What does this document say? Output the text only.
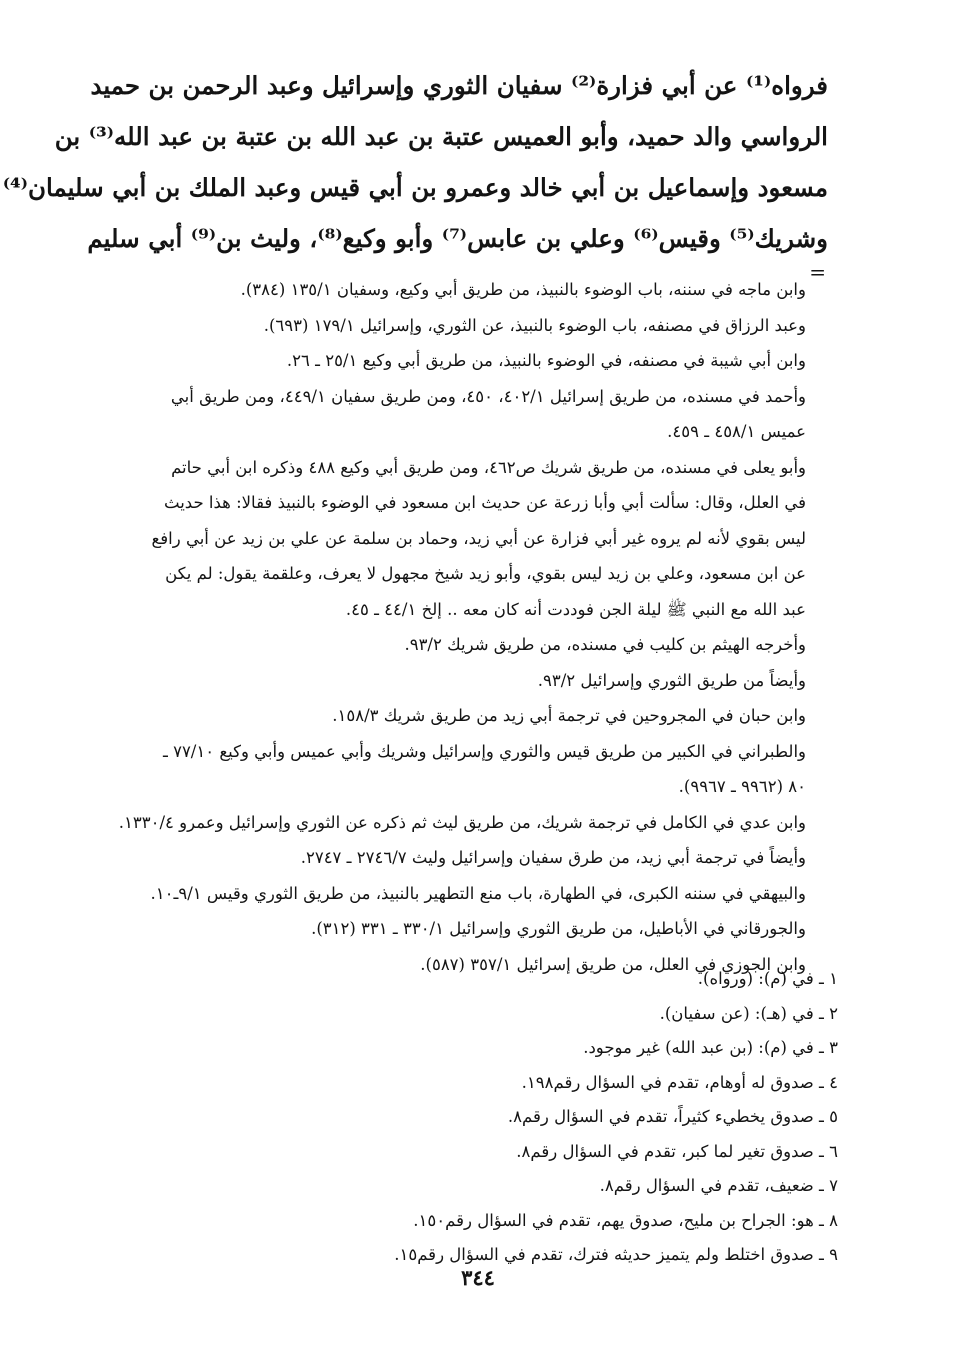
فرواه⁽¹⁾ عن أبي فزارة⁽²⁾ سفيان الثوري وإسرائيل وعبد الرحمن بن حميد
الرواسي والد حميد، وأبو العميس عتبة بن عبد الله بن عتبة بن عبد الله⁽³⁾ بن
مسعود وإسماعيل بن أبي خالد وعمرو بن أبي قيس وعبد الملك بن أبي سليمان⁽⁴⁾
وشريك⁽⁵⁾ وقيس⁽⁶⁾ وعلي بن عابس⁽⁷⁾ وأبو وكيع⁽⁸⁾، وليث بن⁽⁹⁾ أبي سليم
=
وابن ماجه في سننه، باب الوضوء بالنبيذ، من طريق أبي وكيع، وسفيان ١٣٥/١ (٣٨٤).
وعبد الرزاق في مصنفه، باب الوضوء بالنبيذ، عن الثوري، وإسرائيل ١٧٩/١ (٦٩٣).
وابن أبي شيبة في مصنفه، في الوضوء بالنبيذ، من طريق أبي وكيع ٢٥/١ ـ ٢٦.
وأحمد في مسنده، من طريق إسرائيل ٤٠٢/١، ٤٥٠، ومن طريق سفيان ٤٤٩/١، ومن طريق أبي
عميس ٤٥٨/١ ـ ٤٥٩.
وأبو يعلى في مسنده، من طريق شريك ص٤٦٢، ومن طريق أبي وكيع ٤٨٨ وذكره ابن أبي حاتم
في العلل، وقال: سألت أبي وأبا زرعة عن حديث ابن مسعود في الوضوء بالنبيذ فقالا: هذا حديث
ليس بقوي لأنه لم يروه غير أبي فزارة عن أبي زيد، وحماد بن سلمة عن علي بن زيد عن أبي رافع
عن ابن مسعود، وعلي بن زيد ليس بقوي، وأبو زيد شيخ مجهول لا يعرف، وعلقمة يقول: لم يكن
عبد الله مع النبي ﷺ ليلة الجن فوددت أنه كان معه .. إلخ ٤٤/١ ـ ٤٥.
وأخرجه الهيثم بن كليب في مسنده، من طريق شريك ٩٣/٢.
وأيضاً من طريق الثوري وإسرائيل ٩٣/٢.
وابن حبان في المجروحين في ترجمة أبي زيد من طريق شريك ١٥٨/٣.
والطبراني في الكبير من طريق قيس والثوري وإسرائيل وشريك وأبي عميس وأبي وكيع ٧٧/١٠ ـ
٨٠ (٩٩٦٢ ـ ٩٩٦٧).
وابن عدي في الكامل في ترجمة شريك، من طريق ليث ثم ذكره عن الثوري وإسرائيل وعمرو ١٣٣٠/٤.
وأيضاً في ترجمة أبي زيد، من طرق سفيان وإسرائيل وليث ٢٧٤٦/٧ ـ ٢٧٤٧.
والبيهقي في سننه الكبرى، في الطهارة، باب منع التطهير بالنبيذ، من طريق الثوري وقيس ٩/١ـ١٠.
والجورقاني في الأباطيل، من طريق الثوري وإسرائيل ٣٣٠/١ ـ ٣٣١ (٣١٢).
وابن الجوزي في العلل، من طريق إسرائيل ٣٥٧/١ (٥٨٧).
١ ـ في (م): (ورواه).
٢ ـ في (هـ): (عن سفيان).
٣ ـ في (م): (بن عبد الله) غير موجود.
٤ ـ صدوق له أوهام، تقدم في السؤال رقم١٩٨.
٥ ـ صدوق يخطيء كثيراً، تقدم في السؤال رقم٨.
٦ ـ صدوق تغير لما كبر، تقدم في السؤال رقم٨.
٧ ـ ضعيف، تقدم في السؤال رقم٨.
٨ ـ هو: الجراح بن مليح، صدوق يهم، تقدم في السؤال رقم١٥٠.
٩ ـ صدوق اختلط ولم يتميز حديثه فترك، تقدم في السؤال رقم١٥.
٣٤٤
